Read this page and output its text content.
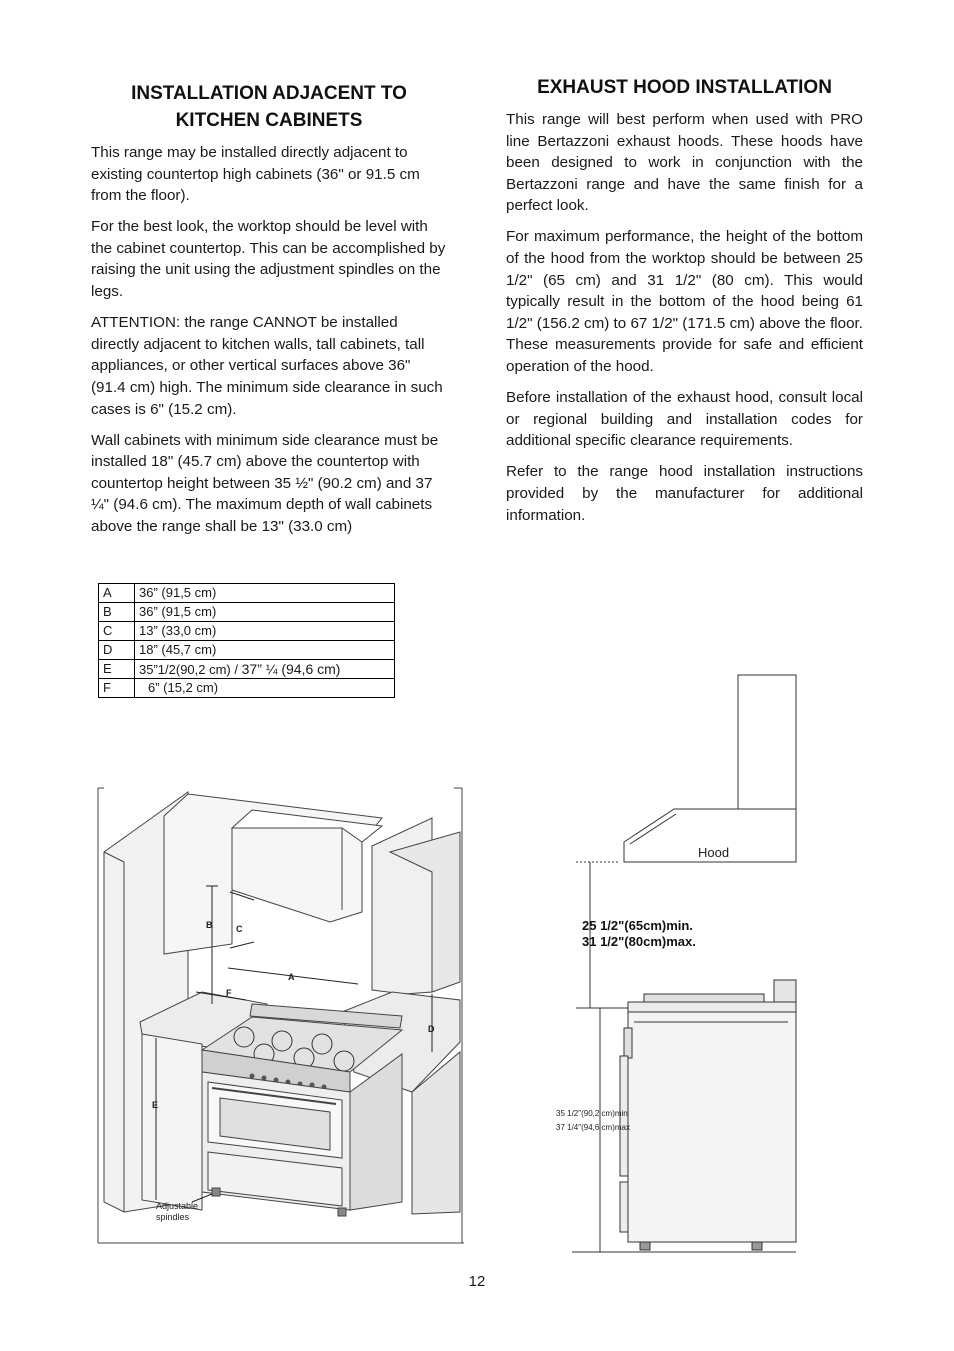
INSTALLATION ADJACENT TO KITCHEN CABINETS

This range may be installed directly adjacent to existing countertop high cabinets (36" or 91.5 cm from the floor).

For the best look, the worktop should be level with the cabinet countertop. This can be accomplished by raising the unit using the adjustment spindles on the legs.

ATTENTION: the range CANNOT be installed directly adjacent to kitchen walls, tall cabinets, tall appliances, or other vertical surfaces above 36" (91.4 cm) high. The minimum side clearance in such cases is 6" (15.2 cm).

Wall cabinets with minimum side clearance must be installed 18" (45.7 cm) above the countertop with countertop height between 35 ½" (90.2 cm) and 37 ¼" (94.6 cm). The maximum depth of wall cabinets above the range shall be 13" (33.0 cm)

EXHAUST HOOD INSTALLATION

This range will best perform when used with PRO line Bertazzoni exhaust hoods. These hoods have been designed to work in conjunction with the Bertazzoni range and have the same finish for a perfect look.

For maximum performance, the height of the bottom of the hood from the worktop should be between 25 1/2" (65 cm) and 31 1/2" (80 cm). This would typically result in the bottom of the hood being 61 1/2" (156.2 cm) to 67 1/2" (171.5 cm) above the floor. These measurements provide for safe and efficient operation of the hood.

Before installation of the exhaust hood, consult local or regional building and installation codes for additional specific clearance requirements.

Refer to the range hood installation instructions provided by the manufacturer for additional information.

A	36” (91,5 cm)
B	36” (91,5 cm)
C	13” (33,0 cm)
D	18” (45,7 cm)
E	35”1/2(90,2 cm) / 37” ¼ (94,6 cm)
F	6” (15,2 cm)
B	C
A
F
D
E
Adjustable
spindles
Hood
25 1/2"(65cm)min.
31 1/2"(80cm)max.
35 1/2"(90,2 cm)min
37 1/4"(94,6 cm)max
12
